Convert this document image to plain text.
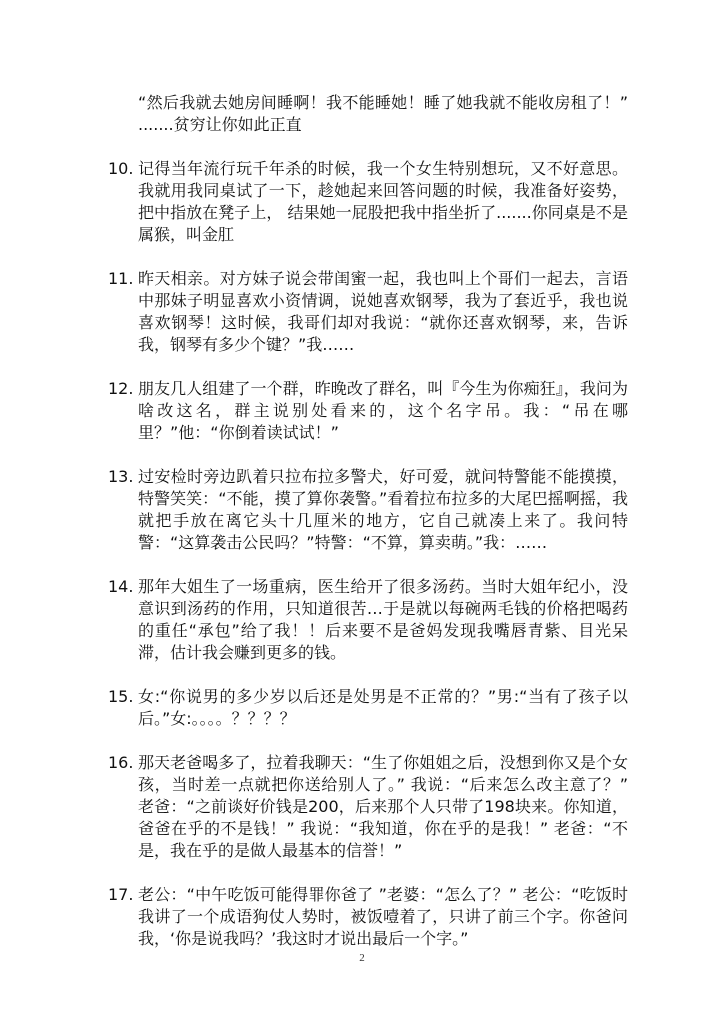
“然后我就去她房间睡啊！我不能睡她！睡了她我就不能收房租了！” .......贫穷让你如此正直
10. 记得当年流行玩千年杀的时候，我一个女生特别想玩，又不好意思。我就用我同桌试了一下，趁她起来回答问题的时候，我准备好姿势，把中指放在凳子上， 结果她一屁股把我中指坐折了.......你同桌是不是属猴，叫金肛
11. 昨天相亲。对方妹子说会带闺蜜一起，我也叫上个哥们一起去，言语中那妹子明显喜欢小资情调，说她喜欢钢琴，我为了套近乎，我也说喜欢钢琴！这时候，我哥们却对我说：“就你还喜欢钢琴，来，告诉我，钢琴有多少个键？”我……
12. 朋友几人组建了一个群，昨晚改了群名，叫『今生为你痴狂』，我问为啥改这名，群主说别处看来的，这个名字吊。我：“吊在哪里？”他：“你倒着读试试！”
13. 过安检时旁边趴着只拉布拉多警犬，好可爱，就问特警能不能摸摸，特警笑笑：“不能，摸了算你袭警。”看着拉布拉多的大尾巴摇啊摇，我就把手放在离它头十几厘米的地方，它自己就凑上来了。我问特警：“这算袭击公民吗？”特警：“不算，算卖萌。”我：……
14. 那年大姐生了一场重病，医生给开了很多汤药。当时大姐年纪小，没意识到汤药的作用，只知道很苦…于是就以每碗两毛钱的价格把喝药的重任“承包”给了我！！后来要不是爸妈发现我嘴唇青紫、目光呆滞，估计我会赚到更多的钱。
15. 女:“你说男的多少岁以后还是处男是不正常的？”男:“当有了孩子以后。”女:。。。。？？？？
16. 那天老爸喝多了，拉着我聊天：“生了你姐姐之后，没想到你又是个女孩，当时差一点就把你送给别人了。” 我说：“后来怎么改主意了？” 老爸：“之前谈好价钱是200，后来那个人只带了198块来。你知道，爸爸在乎的不是钱！” 我说：“我知道，你在乎的是我！” 老爸：“不是，我在乎的是做人最基本的信誉！”
17. 老公：“中午吃饭可能得罪你爸了 ”老婆：“怎么了？” 老公：“吃饭时我讲了一个成语狗仗人势时，被饭噎着了，只讲了前三个字。你爸问我，‘你是说我吗？’我这时才说出最后一个字。”
2
